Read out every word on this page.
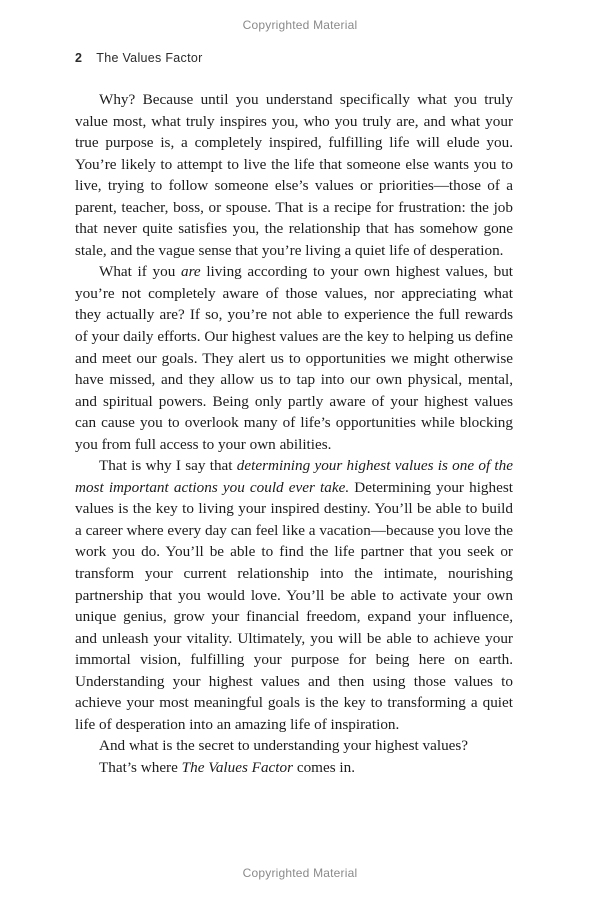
Copyrighted Material
2 The Values Factor

Why? Because until you understand specifically what you truly value most, what truly inspires you, who you truly are, and what your true purpose is, a completely inspired, fulfilling life will elude you. You’re likely to attempt to live the life that someone else wants you to live, trying to follow someone else’s values or priorities—those of a parent, teacher, boss, or spouse. That is a recipe for frustration: the job that never quite satisfies you, the relationship that has somehow gone stale, and the vague sense that you’re living a quiet life of desperation.

What if you are living according to your own highest values, but you’re not completely aware of those values, nor appreciating what they actually are? If so, you’re not able to experience the full rewards of your daily efforts. Our highest values are the key to helping us define and meet our goals. They alert us to opportunities we might otherwise have missed, and they allow us to tap into our own physical, mental, and spiritual powers. Being only partly aware of your highest values can cause you to overlook many of life’s opportunities while blocking you from full access to your own abilities.

That is why I say that determining your highest values is one of the most important actions you could ever take. Determining your highest values is the key to living your inspired destiny. You’ll be able to build a career where every day can feel like a vacation—because you love the work you do. You’ll be able to find the life partner that you seek or transform your current relationship into the intimate, nourishing partnership that you would love. You’ll be able to activate your own unique genius, grow your financial freedom, expand your influence, and unleash your vitality. Ultimately, you will be able to achieve your immortal vision, fulfilling your purpose for being here on earth. Understanding your highest values and then using those values to achieve your most meaningful goals is the key to transforming a quiet life of desperation into an amazing life of inspiration.

And what is the secret to understanding your highest values?

That’s where The Values Factor comes in.

Copyrighted Material
